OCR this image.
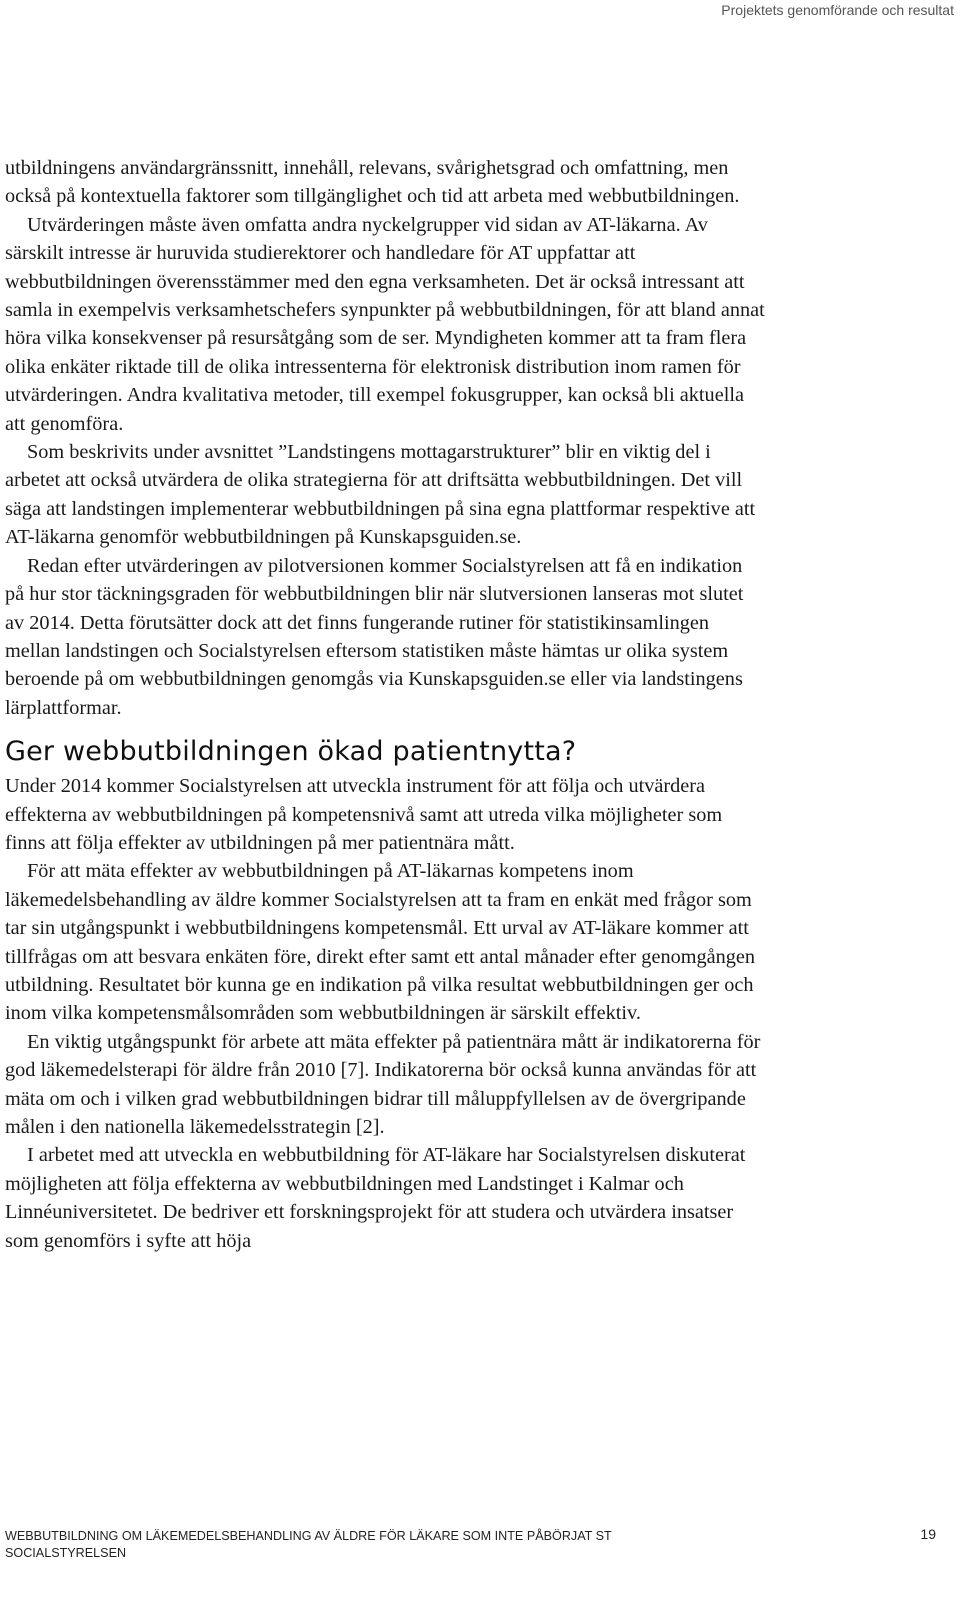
Projektets genomförande och resultat

utbildningens användargränssnitt, innehåll, relevans, svårighetsgrad och omfattning, men också på kontextuella faktorer som tillgänglighet och tid att arbeta med webbutbildningen.

Utvärderingen måste även omfatta andra nyckelgrupper vid sidan av AT-läkarna. Av särskilt intresse är huruvida studierektorer och handledare för AT uppfattar att webbutbildningen överensstämmer med den egna verksamheten. Det är också intressant att samla in exempelvis verksamhetschefers synpunkter på webbutbildningen, för att bland annat höra vilka konsekvenser på resursåtgång som de ser. Myndigheten kommer att ta fram flera olika enkäter riktade till de olika intressenterna för elektronisk distribution inom ramen för utvärderingen. Andra kvalitativa metoder, till exempel fokusgrupper, kan också bli aktuella att genomföra.

Som beskrivits under avsnittet ”Landstingens mottagarstrukturer” blir en viktig del i arbetet att också utvärdera de olika strategierna för att driftsätta webbutbildningen. Det vill säga att landstingen implementerar webbutbildningen på sina egna plattformar respektive att AT-läkarna genomför webbutbildningen på Kunskapsguiden.se.

Redan efter utvärderingen av pilotversionen kommer Socialstyrelsen att få en indikation på hur stor täckningsgraden för webbutbildningen blir när slutversionen lanseras mot slutet av 2014. Detta förutsätter dock att det finns fungerande rutiner för statistikinsamlingen mellan landstingen och Socialstyrelsen eftersom statistiken måste hämtas ur olika system beroende på om webbutbildningen genomgås via Kunskapsguiden.se eller via landstingens lärplattformar.

Ger webbutbildningen ökad patientnytta?

Under 2014 kommer Socialstyrelsen att utveckla instrument för att följa och utvärdera effekterna av webbutbildningen på kompetensnivå samt att utreda vilka möjligheter som finns att följa effekter av utbildningen på mer patientnära mått.

För att mäta effekter av webbutbildningen på AT-läkarnas kompetens inom läkemedelsbehandling av äldre kommer Socialstyrelsen att ta fram en enkät med frågor som tar sin utgångspunkt i webbutbildningens kompetensmål. Ett urval av AT-läkare kommer att tillfrågas om att besvara enkäten före, direkt efter samt ett antal månader efter genomgången utbildning. Resultatet bör kunna ge en indikation på vilka resultat webbutbildningen ger och inom vilka kompetensmålsområden som webbutbildningen är särskilt effektiv.

En viktig utgångspunkt för arbete att mäta effekter på patientnära mått är indikatorerna för god läkemedelsterapi för äldre från 2010 [7]. Indikatorerna bör också kunna användas för att mäta om och i vilken grad webbutbildningen bidrar till måluppfyllelsen av de övergripande målen i den nationella läkemedelsstrategin [2].

I arbetet med att utveckla en webbutbildning för AT-läkare har Socialstyrelsen diskuterat möjligheten att följa effekterna av webbutbildningen med Landstinget i Kalmar och Linnéuniversitetet. De bedriver ett forskningsprojekt för att studera och utvärdera insatser som genomförs i syfte att höja

WEBBUTBILDNING OM LÄKEMEDELSBEHANDLING AV ÄLDRE FÖR LÄKARE SOM INTE PÅBÖRJAT ST
SOCIALSTYRELSEN
19
